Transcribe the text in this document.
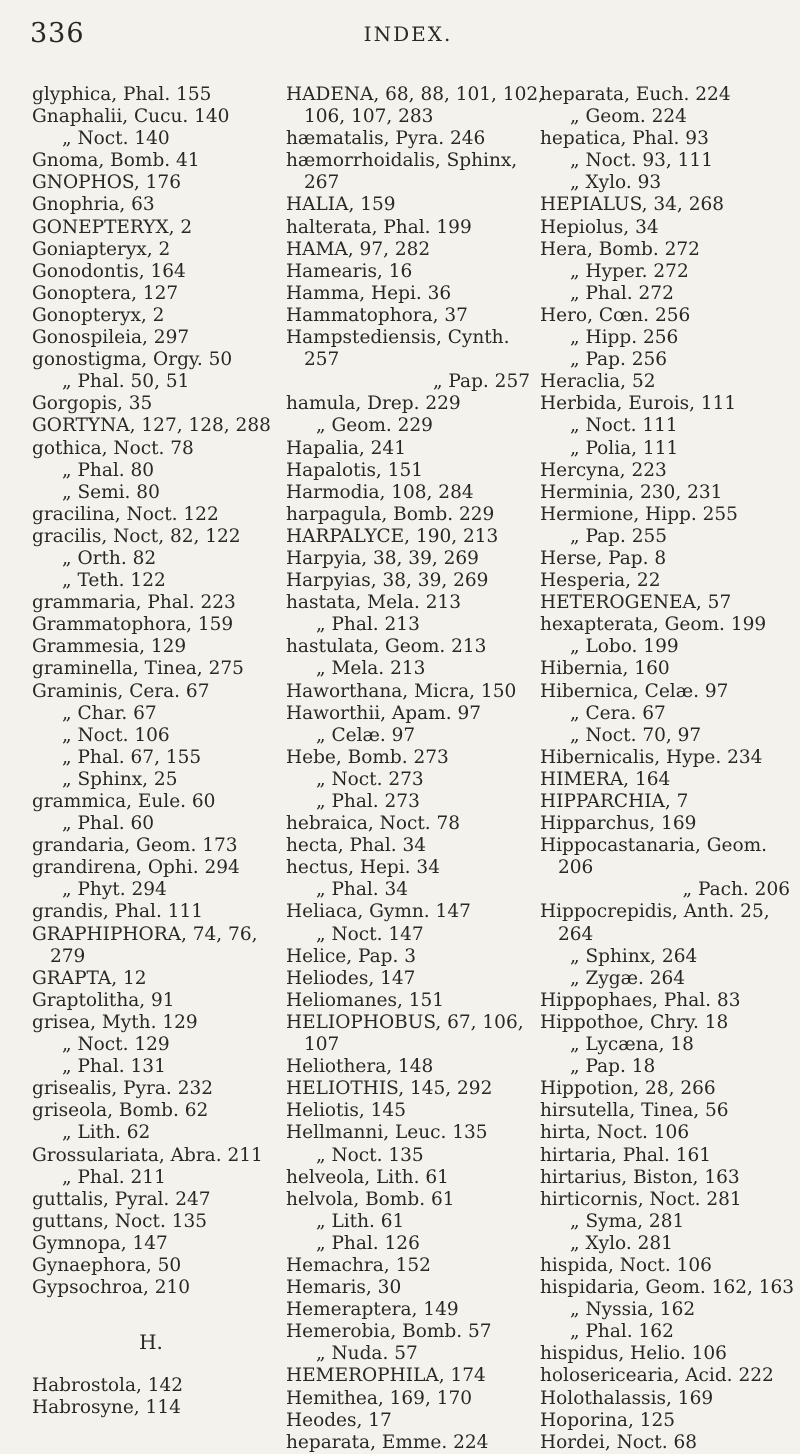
336	INDEX.
glyphica, Phal. 155
Gnaphalii, Cucu. 140
„ Noct. 140
Gnoma, Bomb. 41
GNOPHOS, 176
Gnophria, 63
GONEPTERYX, 2
Goniapteryx, 2
Gonodontis, 164
Gonoptera, 127
Gonopteryx, 2
Gonospileia, 297
gonostigma, Orgy. 50
„ Phal. 50, 51
Gorgopis, 35
GORTYNA, 127, 128, 288
gothica, Noct. 78
„ Phal. 80
„ Semi. 80
gracilina, Noct. 122
gracilis, Noct, 82, 122
„ Orth. 82
„ Teth. 122
grammaria, Phal. 223
Grammatophora, 159
Grammesia, 129
graminella, Tinea, 275
Graminis, Cera. 67
„ Char. 67
„ Noct. 106
„ Phal. 67, 155
„ Sphinx, 25
grammica, Eule. 60
„ Phal. 60
grandaria, Geom. 173
grandirena, Ophi. 294
„ Phyt. 294
grandis, Phal. 111
GRAPHIPHORA, 74, 76,
279
GRAPTA, 12
Graptolitha, 91
grisea, Myth. 129
„ Noct. 129
„ Phal. 131
grisealis, Pyra. 232
griseola, Bomb. 62
„ Lith. 62
Grossulariata, Abra. 211
„ Phal. 211
guttalis, Pyral. 247
guttans, Noct. 135
Gymnopa, 147
Gynaephora, 50
Gypsochroa, 210
H.
Habrostola, 142
Habrosyne, 114
HADENA, 68, 88, 101, 102,
106, 107, 283
hæmatalis, Pyra. 246
hæmorrhoidalis, Sphinx,
267
HALIA, 159
halterata, Phal. 199
HAMA, 97, 282
Hamearis, 16
Hamma, Hepi. 36
Hammatophora, 37
Hampstediensis, Cynth.
257
„ Pap. 257
hamula, Drep. 229
„ Geom. 229
Hapalia, 241
Hapalotis, 151
Harmodia, 108, 284
harpagula, Bomb. 229
HARPALYCE, 190, 213
Harpyia, 38, 39, 269
Harpyias, 38, 39, 269
hastata, Mela. 213
„ Phal. 213
hastulata, Geom. 213
„ Mela. 213
Haworthana, Micra, 150
Haworthii, Apam. 97
„ Celæ. 97
Hebe, Bomb. 273
„ Noct. 273
„ Phal. 273
hebraica, Noct. 78
hecta, Phal. 34
hectus, Hepi. 34
„ Phal. 34
Heliaca, Gymn. 147
„ Noct. 147
Helice, Pap. 3
Heliodes, 147
Heliomanes, 151
HELIOPHOBUS, 67, 106,
107
Heliothera, 148
HELIOTHIS, 145, 292
Heliotis, 145
Hellmanni, Leuc. 135
„ Noct. 135
helveola, Lith. 61
helvola, Bomb. 61
„ Lith. 61
„ Phal. 126
Hemachra, 152
Hemaris, 30
Hemeraptera, 149
Hemerobia, Bomb. 57
„ Nuda. 57
HEMEROPHILA, 174
Hemithea, 169, 170
Heodes, 17
heparata, Emme. 224
heparata, Euch. 224
„ Geom. 224
hepatica, Phal. 93
„ Noct. 93, 111
„ Xylo. 93
HEPIALUS, 34, 268
Hepiolus, 34
Hera, Bomb. 272
„ Hyper. 272
„ Phal. 272
Hero, Cœn. 256
„ Hipp. 256
„ Pap. 256
Heraclia, 52
Herbida, Eurois, 111
„ Noct. 111
„ Polia, 111
Hercyna, 223
Herminia, 230, 231
Hermione, Hipp. 255
„ Pap. 255
Herse, Pap. 8
Hesperia, 22
HETEROGENEA, 57
hexapterata, Geom. 199
„ Lobo. 199
Hibernia, 160
Hibernica, Celæ. 97
„ Cera. 67
„ Noct. 70, 97
Hibernicalis, Hype. 234
HIMERA, 164
HIPPARCHIA, 7
Hipparchus, 169
Hippocastanaria, Geom.
206
„ Pach. 206
Hippocrepidis, Anth. 25,
264
„ Sphinx, 264
„ Zygæ. 264
Hippophaes, Phal. 83
Hippothoe, Chry. 18
„ Lycæna, 18
„ Pap. 18
Hippotion, 28, 266
hirsutella, Tinea, 56
hirta, Noct. 106
hirtaria, Phal. 161
hirtarius, Biston, 163
hirticornis, Noct. 281
„ Syma, 281
„ Xylo. 281
hispida, Noct. 106
hispidaria, Geom. 162, 163
„ Nyssia, 162
„ Phal. 162
hispidus, Helio. 106
holosericearia, Acid. 222
Holothalassis, 169
Hoporina, 125
Hordei, Noct. 68
